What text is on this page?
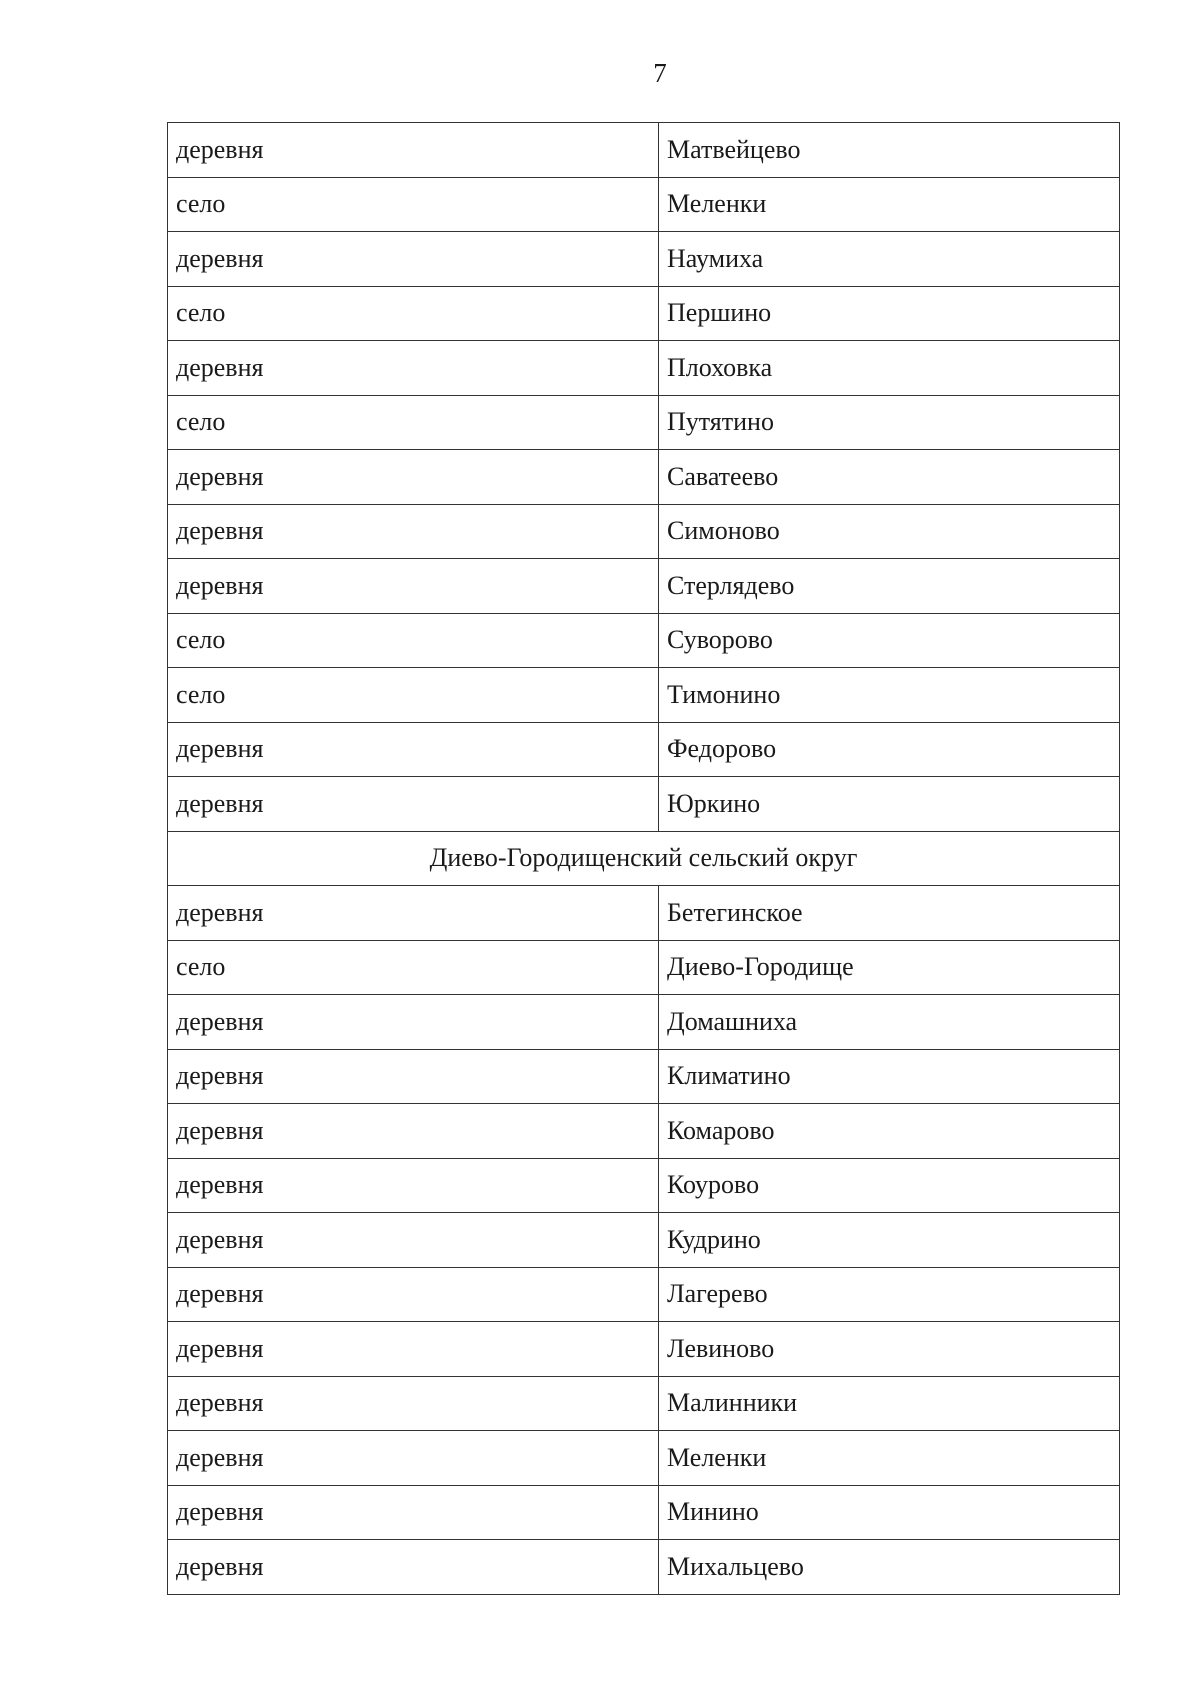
7
деревня	Матвейцево
село	Меленки
деревня	Наумиха
село	Першино
деревня	Плоховка
село	Путятино
деревня	Саватеево
деревня	Симоново
деревня	Стерлядево
село	Суворово
село	Тимонино
деревня	Федорово
деревня	Юркино
Диево-Городищенский сельский округ	
деревня	Бетегинское
село	Диево-Городище
деревня	Домашниха
деревня	Климатино
деревня	Комарово
деревня	Коурово
деревня	Кудрино
деревня	Лагерево
деревня	Левиново
деревня	Малинники
деревня	Меленки
деревня	Минино
деревня	Михальцево
